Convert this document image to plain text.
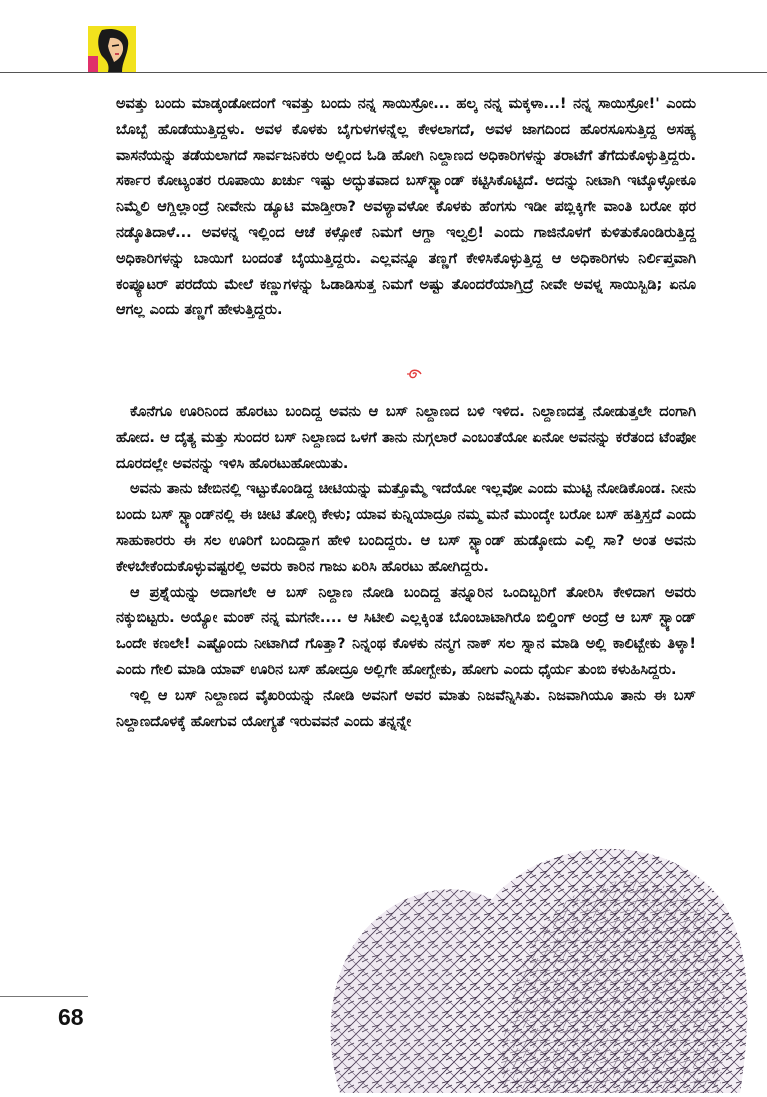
ಅವತ್ತು ಬಂದು ಮಾಡ್ಕಂಡೋದಂಗೆ ಇವತ್ತು ಬಂದು ನನ್ನ ಸಾಯಿಸ್ರೋ... ಹಲ್ಕ ನನ್ನ ಮಕ್ಕಳಾ...! ನನ್ನ ಸಾಯಿಸ್ರೋ!' ಎಂದು ಬೊಬ್ಬೆ ಹೊಡೆಯುತ್ತಿದ್ದಳು. ಅವಳ ಕೊಳಕು ಬೈಗುಳಗಳನ್ನೆಲ್ಲ ಕೇಳಲಾಗದೆ, ಅವಳ ಜಾಗದಿಂದ ಹೊರಸೂಸುತ್ತಿದ್ದ ಅಸಹ್ಯ ವಾಸನೆಯನ್ನು ತಡೆಯಲಾಗದೆ ಸಾರ್ವಜನಿಕರು ಅಲ್ಲಿಂದ ಓಡಿ ಹೋಗಿ ನಿಲ್ದಾಣದ ಅಧಿಕಾರಿಗಳನ್ನು ತರಾಟೆಗೆ ತೆಗೆದುಕೊಳ್ಳುತ್ತಿದ್ದರು. ಸರ್ಕಾರ ಕೋಟ್ಯಂತರ ರೂಪಾಯಿ ಖರ್ಚು ಇಷ್ಟು ಅದ್ಭುತವಾದ ಬಸ್‌ಸ್ಟ್ಯಾಂಡ್ ಕಟ್ಟಿಸಿಕೊಟ್ಟಿದೆ. ಅದನ್ನು ನೀಟಾಗಿ ಇಟ್ಕೊಳ್ಳೋಕೂ ನಿಮ್ಮೆಲಿ ಆಗ್ದಿಲ್ಲಾಂದ್ರೆ ನೀವೇನು ಡ್ಯೂಟಿ ಮಾಡ್ತೀರಾ? ಅವಳ್ಯಾವಳೋ ಕೊಳಕು ಹೆಂಗಸು ಇಡೀ ಪಬ್ಲಿಕ್ಕಿಗೇ ವಾಂತಿ ಬರೋ ಥರ ನಡ್ಕೊತಿದಾಳೆ... ಅವಳನ್ನ ಇಲ್ಲಿಂದ ಆಚೆ ಕಳ್ಸೋಕೆ ನಿಮಗೆ ಆಗ್ದಾ ಇಲ್ವಲ್ರಿ! ಎಂದು ಗಾಜಿನೊಳಗೆ ಕುಳಿತುಕೊಂಡಿರುತ್ತಿದ್ದ ಅಧಿಕಾರಿಗಳನ್ನು ಬಾಯಿಗೆ ಬಂದಂತೆ ಬೈಯುತ್ತಿದ್ದರು. ಎಲ್ಲವನ್ನೂ ತಣ್ಣಗೆ ಕೇಳಿಸಿಕೊಳ್ಳುತ್ತಿದ್ದ ಆ ಅಧಿಕಾರಿಗಳು ನಿರ್ಲಿಪ್ತವಾಗಿ ಕಂಪ್ಯೂಟರ್ ಪರದೆಯ ಮೇಲೆ ಕಣ್ಣುಗಳನ್ನು ಓಡಾಡಿಸುತ್ತ ನಿಮಗೆ ಅಷ್ಟು ತೊಂದರೆಯಾಗ್ತಿದ್ರೆ ನೀವೇ ಅವಳ್ನ ಸಾಯಿಸ್ಬಿಡಿ; ಏನೂ ಆಗಲ್ಲ ಎಂದು ತಣ್ಣಗೆ ಹೇಳುತ್ತಿದ್ದರು.

ಕೊನೆಗೂ ಊರಿನಿಂದ ಹೊರಟು ಬಂದಿದ್ದ ಅವನು ಆ ಬಸ್ ನಿಲ್ದಾಣದ ಬಳಿ ಇಳಿದ. ನಿಲ್ದಾಣದತ್ತ ನೋಡುತ್ತಲೇ ದಂಗಾಗಿ ಹೋದ. ಆ ದೈತ್ಯ ಮತ್ತು ಸುಂದರ ಬಸ್ ನಿಲ್ದಾಣದ ಒಳಗೆ ತಾನು ನುಗ್ಗಲಾರೆ ಎಂಬಂತೆಯೋ ಏನೋ ಅವನನ್ನು ಕರೆತಂದ ಟೆಂಪೋ ದೂರದಲ್ಲೇ ಅವನನ್ನು ಇಳಿಸಿ ಹೊರಟುಹೋಯಿತು.

ಅವನು ತಾನು ಜೇಬಿನಲ್ಲಿ ಇಟ್ಟುಕೊಂಡಿದ್ದ ಚೀಟಿಯನ್ನು ಮತ್ತೊಮ್ಮೆ ಇದೆಯೋ ಇಲ್ಲವೋ ಎಂದು ಮುಟ್ಟಿ ನೋಡಿಕೊಂಡ. ನೀನು ಬಂದು ಬಸ್ ಸ್ಟ್ಯಾಂಡ್‌ನಲ್ಲಿ ಈ ಚೀಟಿ ತೋರ್‍ಸಿ ಕೇಳು; ಯಾವ ಕುನ್ನಿಯಾದ್ರೂ ನಮ್ಮ ಮನೆ ಮುಂದ್ಕೇ ಬರೋ ಬಸ್ ಹತ್ತಿಸ್ತದೆ ಎಂದು ಸಾಹುಕಾರರು ಈ ಸಲ ಊರಿಗೆ ಬಂದಿದ್ದಾಗ ಹೇಳಿ ಬಂದಿದ್ದರು. ಆ ಬಸ್ ಸ್ಟ್ಯಾಂಡ್ ಹುಡ್ಕೋದು ಎಲ್ಲಿ ಸಾ? ಅಂತ ಅವನು ಕೇಳಬೇಕೆಂದುಕೊಳ್ಳುವಷ್ಟರಲ್ಲಿ ಅವರು ಕಾರಿನ ಗಾಜು ಏರಿಸಿ ಹೊರಟು ಹೋಗಿದ್ದರು.

ಆ ಪ್ರಶ್ನೆಯನ್ನು ಅದಾಗಲೇ ಆ ಬಸ್ ನಿಲ್ದಾಣ ನೋಡಿ ಬಂದಿದ್ದ ತನ್ನೂರಿನ ಒಂದಿಬ್ಬರಿಗೆ ತೋರಿಸಿ ಕೇಳಿದಾಗ ಅವರು ನಕ್ಕುಬಿಟ್ಟರು. ಅಯ್ಯೋ ಮಂಕ್ ನನ್ನ ಮಗನೇ.... ಆ ಸಿಟೀಲಿ ಎಲ್ಲಕ್ಕಿಂತ ಬೊಂಬಾಟಾಗಿರೊ ಬಿಲ್ಡಿಂಗ್ ಅಂದ್ರೆ ಆ ಬಸ್ ಸ್ಟ್ಯಾಂಡ್ ಒಂದೇ ಕಣಲೇ! ಎಷ್ಟೊಂದು ನೀಟಾಗಿದೆ ಗೊತ್ತಾ? ನಿನ್ನಂಥ ಕೊಳಕು ನನ್ಮಗ ನಾಕ್ ಸಲ ಸ್ನಾನ ಮಾಡಿ ಅಲ್ಲಿ ಕಾಲಿಟ್ಬೇಕು ತಿಳ್ಕಾ! ಎಂದು ಗೇಲಿ ಮಾಡಿ ಯಾವ್ ಊರಿನ ಬಸ್ ಹೋದ್ರೂ ಅಲ್ಲಿಗೇ ಹೋಗ್ಬೇಕು, ಹೋಗು ಎಂದು ಧೈರ್ಯ ತುಂಬಿ ಕಳುಹಿಸಿದ್ದರು.

ಇಲ್ಲಿ ಆ ಬಸ್ ನಿಲ್ದಾಣದ ವೈಖರಿಯನ್ನು ನೋಡಿ ಅವನಿಗೆ ಅವರ ಮಾತು ನಿಜವೆನ್ನಿಸಿತು. ನಿಜವಾಗಿಯೂ ತಾನು ಈ ಬಸ್ ನಿಲ್ದಾಣದೊಳಕ್ಕೆ ಹೋಗುವ ಯೋಗ್ಯತೆ ಇರುವವನೆ ಎಂದು ತನ್ನನ್ನೇ

68
